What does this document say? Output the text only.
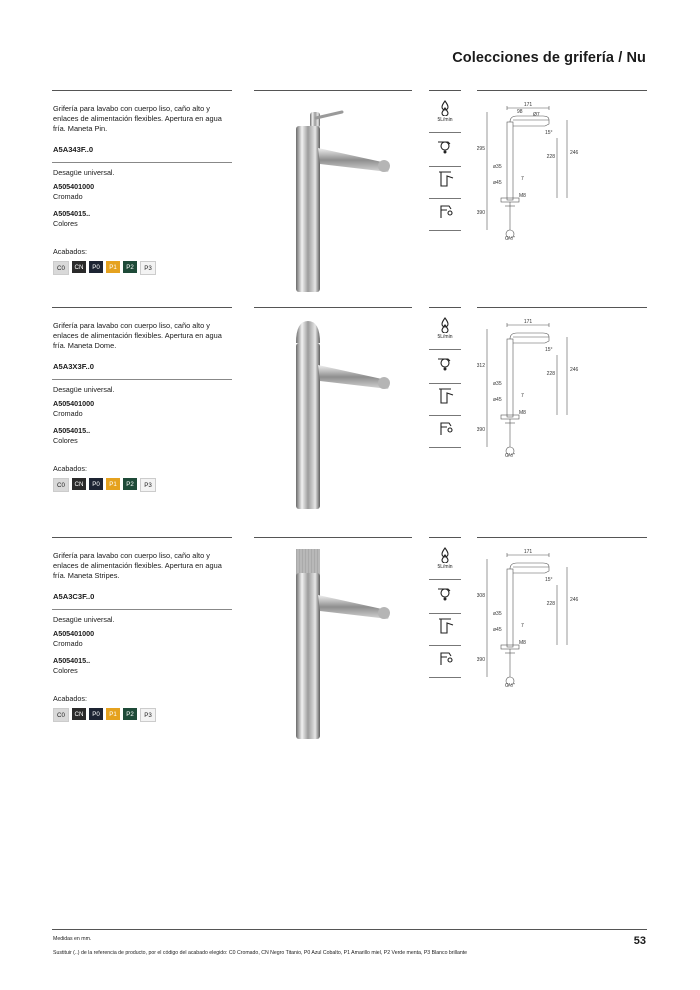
Colecciones de grifería / Nu
Grifería para lavabo con cuerpo liso, caño alto y enlaces de alimentación flexibles. Apertura en agua fría. Maneta Pin.
A5A343F..0
Desagüe universal.
A505401000
Cromado
A5054015..
Colores
Acabados:
C0	CN	P0	P1	P2	P3
5L/min
171
98 Ø7
295
15°
246
228
ø35
ø45
7
M8
390
G½"
Grifería para lavabo con cuerpo liso, caño alto y enlaces de alimentación flexibles. Apertura en agua fría. Maneta Dome.
A5A3X3F..0
Desagüe universal.
A505401000
Cromado
A5054015..
Colores
Acabados:
C0	CN	P0	P1	P2	P3
5L/min
171
312
15°
246
228
ø35
ø45
7
M8
390
G½"
Grifería para lavabo con cuerpo liso, caño alto y enlaces de alimentación flexibles. Apertura en agua fría. Maneta Stripes.
A5A3C3F..0
Desagüe universal.
A505401000
Cromado
A5054015..
Colores
Acabados:
C0	CN	P0	P1	P2	P3
5L/min
171
308
15°
246
228
ø35
ø45
7
M8
390
G½"
Medidas en mm.
Sustituir (..) de la referencia de producto, por el código del acabado elegido: C0 Cromado, CN Negro Titanio, P0 Azul Cobalto, P1 Amarillo miel, P2 Verde menta, P3 Blanco brillante
53
